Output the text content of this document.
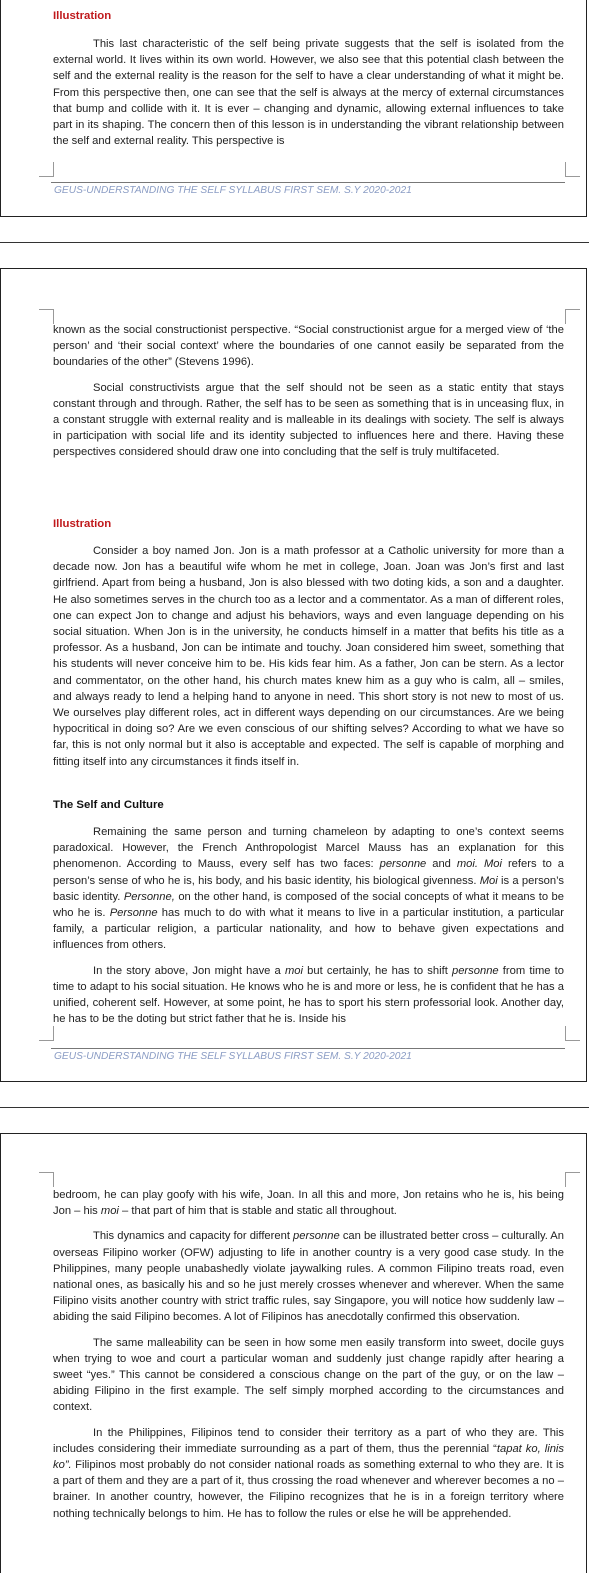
Illustration

This last characteristic of the self being private suggests that the self is isolated from the external world. It lives within its own world. However, we also see that this potential clash between the self and the external reality is the reason for the self to have a clear understanding of what it might be. From this perspective then, one can see that the self is always at the mercy of external circumstances that bump and collide with it. It is ever – changing and dynamic, allowing external influences to take part in its shaping. The concern then of this lesson is in understanding the vibrant relationship between the self and external reality. This perspective is

GEUS-UNDERSTANDING THE SELF SYLLABUS FIRST SEM. S.Y 2020-2021

known as the social constructionist perspective. “Social constructionist argue for a merged view of ‘the person’ and ‘their social context’ where the boundaries of one cannot easily be separated from the boundaries of the other” (Stevens 1996).

Social constructivists argue that the self should not be seen as a static entity that stays constant through and through. Rather, the self has to be seen as something that is in unceasing flux, in a constant struggle with external reality and is malleable in its dealings with society. The self is always in participation with social life and its identity subjected to influences here and there. Having these perspectives considered should draw one into concluding that the self is truly multifaceted.

Illustration

Consider a boy named Jon. Jon is a math professor at a Catholic university for more than a decade now. Jon has a beautiful wife whom he met in college, Joan. Joan was Jon’s first and last girlfriend. Apart from being a husband, Jon is also blessed with two doting kids, a son and a daughter. He also sometimes serves in the church too as a lector and a commentator. As a man of different roles, one can expect Jon to change and adjust his behaviors, ways and even language depending on his social situation. When Jon is in the university, he conducts himself in a matter that befits his title as a professor. As a husband, Jon can be intimate and touchy. Joan considered him sweet, something that his students will never conceive him to be. His kids fear him. As a father, Jon can be stern. As a lector and commentator, on the other hand, his church mates knew him as a guy who is calm, all – smiles, and always ready to lend a helping hand to anyone in need. This short story is not new to most of us. We ourselves play different roles, act in different ways depending on our circumstances. Are we being hypocritical in doing so? Are we even conscious of our shifting selves? According to what we have so far, this is not only normal but it also is acceptable and expected. The self is capable of morphing and fitting itself into any circumstances it finds itself in.

The Self and Culture

Remaining the same person and turning chameleon by adapting to one’s context seems paradoxical. However, the French Anthropologist Marcel Mauss has an explanation for this phenomenon. According to Mauss, every self has two faces: personne and moi. Moi refers to a person’s sense of who he is, his body, and his basic identity, his biological givenness. Moi is a person’s basic identity. Personne, on the other hand, is composed of the social concepts of what it means to be who he is. Personne has much to do with what it means to live in a particular institution, a particular family, a particular religion, a particular nationality, and how to behave given expectations and influences from others.

In the story above, Jon might have a moi but certainly, he has to shift personne from time to time to adapt to his social situation. He knows who he is and more or less, he is confident that he has a unified, coherent self. However, at some point, he has to sport his stern professorial look. Another day, he has to be the doting but strict father that he is. Inside his

GEUS-UNDERSTANDING THE SELF SYLLABUS FIRST SEM. S.Y 2020-2021

bedroom, he can play goofy with his wife, Joan. In all this and more, Jon retains who he is, his being Jon – his moi – that part of him that is stable and static all throughout.

This dynamics and capacity for different personne can be illustrated better cross – culturally. An overseas Filipino worker (OFW) adjusting to life in another country is a very good case study. In the Philippines, many people unabashedly violate jaywalking rules. A common Filipino treats road, even national ones, as basically his and so he just merely crosses whenever and wherever. When the same Filipino visits another country with strict traffic rules, say Singapore, you will notice how suddenly law – abiding the said Filipino becomes. A lot of Filipinos has anecdotally confirmed this observation.

The same malleability can be seen in how some men easily transform into sweet, docile guys when trying to woe and court a particular woman and suddenly just change rapidly after hearing a sweet “yes.” This cannot be considered a conscious change on the part of the guy, or on the law – abiding Filipino in the first example. The self simply morphed according to the circumstances and context.

In the Philippines, Filipinos tend to consider their territory as a part of who they are. This includes considering their immediate surrounding as a part of them, thus the perennial “tapat ko, linis ko”. Filipinos most probably do not consider national roads as something external to who they are. It is a part of them and they are a part of it, thus crossing the road whenever and wherever becomes a no – brainer. In another country, however, the Filipino recognizes that he is in a foreign territory where nothing technically belongs to him. He has to follow the rules or else he will be apprehended.
